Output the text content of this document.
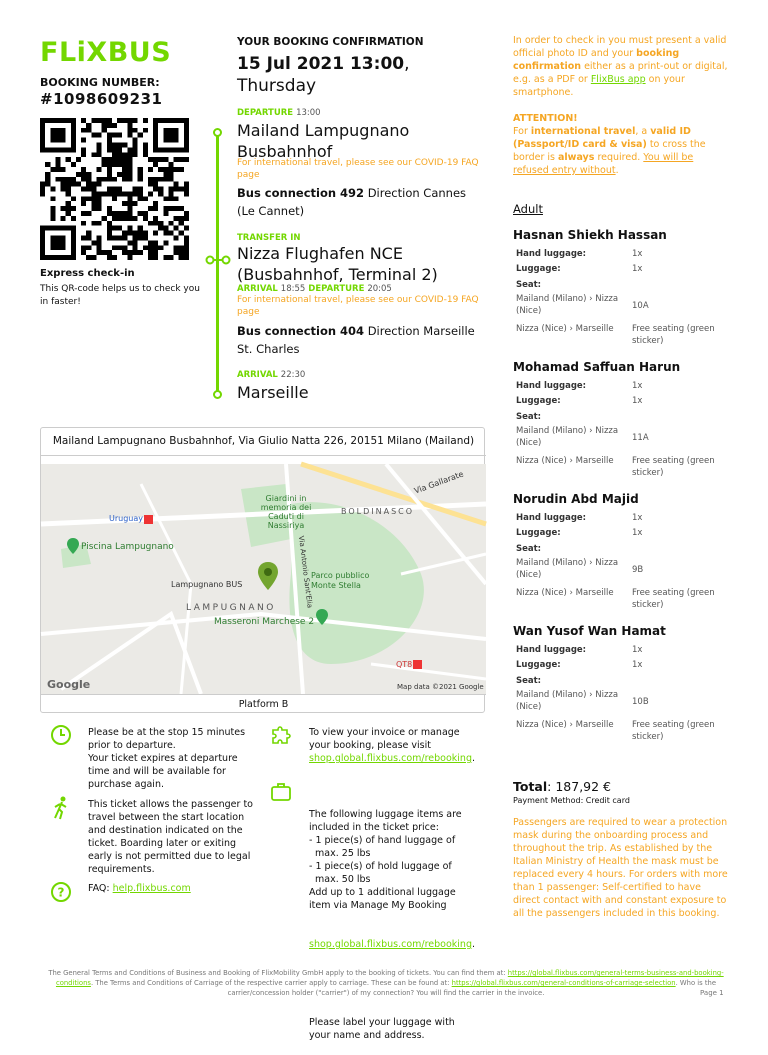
FLiXBUS
BOOKING NUMBER:
#1098609231
Express check-in
This QR-code helps us to check you in faster!
YOUR BOOKING CONFIRMATION
15 Jul 2021 13:00, Thursday
DEPARTURE 13:00
Mailand Lampugnano Busbahnhof
For international travel, please see our COVID-19 FAQ page
Bus connection 492 Direction Cannes (Le Cannet)
TRANSFER IN
Nizza Flughafen NCE (Busbahnhof, Terminal 2)
ARRIVAL 18:55 DEPARTURE 20:05
For international travel, please see our COVID-19 FAQ page
Bus connection 404 Direction Marseille St. Charles
ARRIVAL 22:30
Marseille
Mailand Lampugnano Busbahnhof, Via Giulio Natta 226, 20151 Milano (Mailand)
Uruguay
Piscina Lampugnano
Giardini in memoria dei Caduti di Nassiriya
BOLDINASCO
Parco pubblico Monte Stella
Lampugnano BUS
LAMPUGNANO
Masseroni Marchese 2
Via Gallarate
Via Antonio Sant'Elia
QT8
Google	Map data ©2021 Google
Platform B
Please be at the stop 15 minutes
prior to departure.
Your ticket expires at departure
time and will be available for
purchase again.
This ticket allows the passenger to
travel between the start location
and destination indicated on the
ticket. Boarding later or exiting
early is not permitted due to legal
requirements.
? FAQ: help.flixbus.com
To view your invoice or manage
your booking, please visit
shop.global.flixbus.com/rebooking.

The following luggage items are
included in the ticket price:
- 1 piece(s) of hand luggage of
max. 25 lbs
- 1 piece(s) of hold luggage of
max. 50 lbs
Add up to 1 additional luggage
item via Manage My Booking

shop.global.flixbus.com/rebooking.

Please label your luggage with
your name and address.

In order to check in you must present a valid official photo ID and your booking confirmation either as a print-out or digital, e.g. as a PDF or FlixBus app on your smartphone.
ATTENTION!
For international travel, a valid ID (Passport/ID card & visa) to cross the border is always required. You will be refused entry without.
Adult
Hasnan Shiekh Hassan
Hand luggage:	1x
Luggage:	1x
Seat:
Mailand (Milano) › Nizza (Nice)	10A
Nizza (Nice) › Marseille	Free seating (green sticker)
Mohamad Saffuan Harun
Hand luggage:	1x
Luggage:	1x
Seat:
Mailand (Milano) › Nizza (Nice)	11A
Nizza (Nice) › Marseille	Free seating (green sticker)
Norudin Abd Majid
Hand luggage:	1x
Luggage:	1x
Seat:
Mailand (Milano) › Nizza (Nice)	9B
Nizza (Nice) › Marseille	Free seating (green sticker)
Wan Yusof Wan Hamat
Hand luggage:	1x
Luggage:	1x
Seat:
Mailand (Milano) › Nizza (Nice)	10B
Nizza (Nice) › Marseille	Free seating (green sticker)
Total: 187,92 €
Payment Method: Credit card
Passengers are required to wear a protection mask during the onboarding process and throughout the trip. As established by the Italian Ministry of Health the mask must be replaced every 4 hours. For orders with more than 1 passenger: Self-certified to have direct contact with and constant exposure to all the passengers included in this booking.
The General Terms and Conditions of Business and Booking of FlixMobility GmbH apply to the booking of tickets. You can find them at: https://global.flixbus.com/general-terms-business-and-booking-conditions. The Terms and Conditions of Carriage of the respective carrier apply to carriage. These can be found at: https://global.flixbus.com/general-conditions-of-carriage-selection. Who is the carrier/concession holder ("carrier") of my connection? You will find the carrier in the invoice.	Page 1
